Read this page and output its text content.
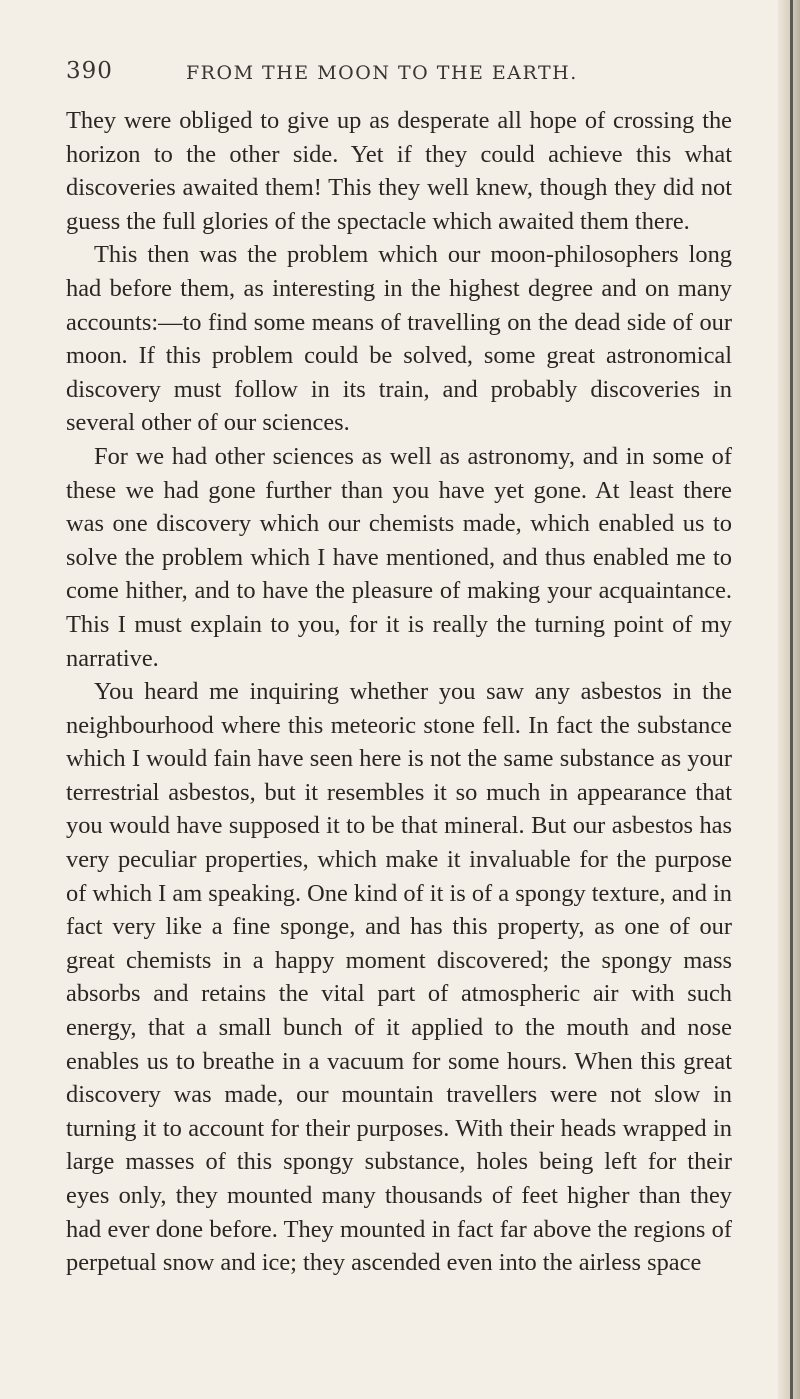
390	FROM THE MOON TO THE EARTH.

They were obliged to give up as desperate all hope of crossing the horizon to the other side. Yet if they could achieve this what discoveries awaited them! This they well knew, though they did not guess the full glories of the spectacle which awaited them there.

This then was the problem which our moon-philosophers long had before them, as interesting in the highest degree and on many accounts:—to find some means of travelling on the dead side of our moon. If this problem could be solved, some great astronomical discovery must follow in its train, and probably discoveries in several other of our sciences.

For we had other sciences as well as astronomy, and in some of these we had gone further than you have yet gone. At least there was one discovery which our chemists made, which enabled us to solve the problem which I have mentioned, and thus enabled me to come hither, and to have the pleasure of making your acquaintance. This I must explain to you, for it is really the turning point of my narrative.

You heard me inquiring whether you saw any asbestos in the neighbourhood where this meteoric stone fell. In fact the substance which I would fain have seen here is not the same substance as your terrestrial asbestos, but it resembles it so much in appearance that you would have supposed it to be that mineral. But our asbestos has very peculiar properties, which make it invaluable for the purpose of which I am speaking. One kind of it is of a spongy texture, and in fact very like a fine sponge, and has this property, as one of our great chemists in a happy moment discovered; the spongy mass absorbs and retains the vital part of atmospheric air with such energy, that a small bunch of it applied to the mouth and nose enables us to breathe in a vacuum for some hours. When this great discovery was made, our mountain travellers were not slow in turning it to account for their purposes. With their heads wrapped in large masses of this spongy substance, holes being left for their eyes only, they mounted many thousands of feet higher than they had ever done before. They mounted in fact far above the regions of perpetual snow and ice; they ascended even into the airless space
